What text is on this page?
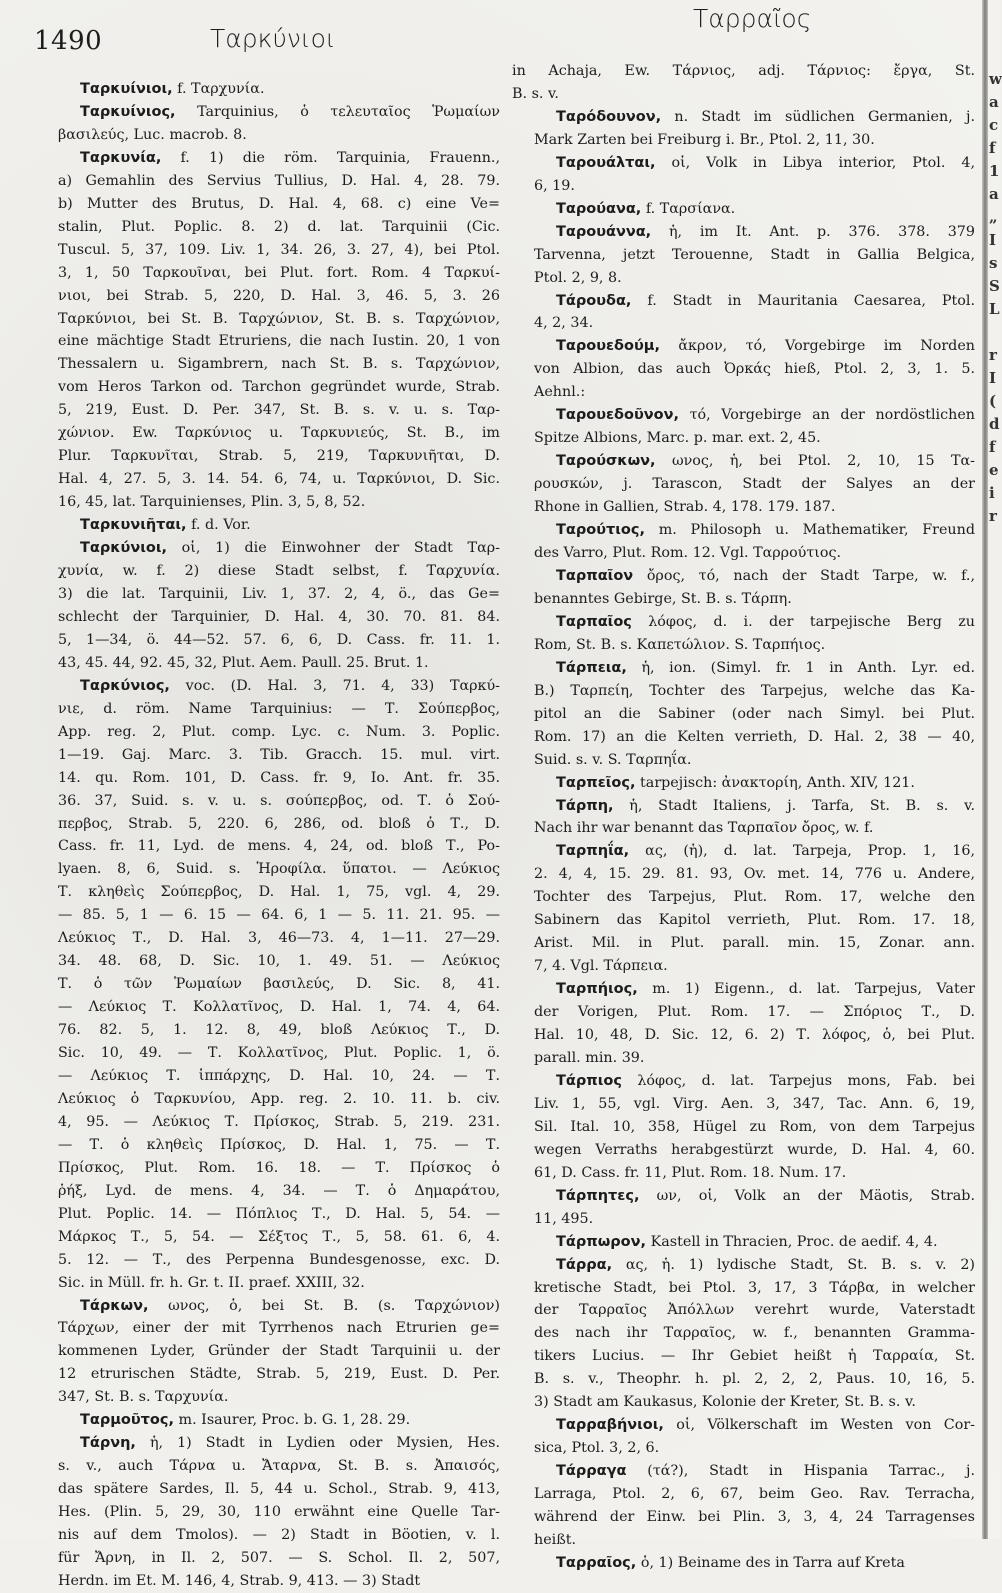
1490	Ταρκύνιοι
Ταρραῖος
Ταρκυίνιοι, f. Ταρχυνία.
Ταρκυίνιος, Tarquinius, ὁ τελευταῖος Ῥωμαίων
βασιλεύς, Luc. macrob. 8.
Ταρκυνία, f. 1) die röm. Tarquinia, Frauenn.,
a) Gemahlin des Servius Tullius, D. Hal. 4, 28. 79.
b) Mutter des Brutus, D. Hal. 4, 68. c) eine Ve=
stalin, Plut. Poplic. 8. 2) d. lat. Tarquinii (Cic.
Tuscul. 5, 37, 109. Liv. 1, 34. 26, 3. 27, 4), bei Ptol.
3, 1, 50 Ταρκουῖναι, bei Plut. fort. Rom. 4 Ταρκυί-
νιοι, bei Strab. 5, 220, D. Hal. 3, 46. 5, 3. 26
Ταρκύνιοι, bei St. B. Ταρχώνιον, St. B. s. Ταρχώνιον,
eine mächtige Stadt Etruriens, die nach Iustin. 20, 1 von
Thessalern u. Sigambrern, nach St. B. s. Ταρχώνιον,
vom Heros Tarkon od. Tarchon gegründet wurde, Strab.
5, 219, Eust. D. Per. 347, St. B. s. v. u. s. Ταρ-
χώνιον. Ew. Ταρκύνιος u. Ταρκυνιεύς, St. B., im
Plur. Ταρκυνῖται, Strab. 5, 219, Ταρκυνιῆται, D.
Hal. 4, 27. 5, 3. 14. 54. 6, 74, u. Ταρκύνιοι, D. Sic.
16, 45, lat. Tarquinienses, Plin. 3, 5, 8, 52.
Ταρκυνιῆται, f. d. Vor.
Ταρκύνιοι, οἱ, 1) die Einwohner der Stadt Ταρ-
χυνία, w. f. 2) diese Stadt selbst, f. Ταρχυνία.
3) die lat. Tarquinii, Liv. 1, 37. 2, 4, ö., das Ge=
schlecht der Tarquinier, D. Hal. 4, 30. 70. 81. 84.
5, 1—34, ö. 44—52. 57. 6, 6, D. Cass. fr. 11. 1.
43, 45. 44, 92. 45, 32, Plut. Aem. Paull. 25. Brut. 1.
Ταρκύνιος, voc. (D. Hal. 3, 71. 4, 33) Ταρκύ-
νιε, d. röm. Name Tarquinius: — Τ. Σούπερβος,
App. reg. 2, Plut. comp. Lyc. c. Num. 3. Poplic.
1—19. Gaj. Marc. 3. Tib. Gracch. 15. mul. virt.
14. qu. Rom. 101, D. Cass. fr. 9, Io. Ant. fr. 35.
36. 37, Suid. s. v. u. s. σούπερβος, od. Τ. ὁ Σού-
περβος, Strab. 5, 220. 6, 286, od. bloß ὁ Τ., D.
Cass. fr. 11, Lyd. de mens. 4, 24, od. bloß Τ., Po-
lyaen. 8, 6, Suid. s. Ἡροφίλα. ὕπατοι. — Λεύκιος
Τ. κληθεὶς Σούπερβος, D. Hal. 1, 75, vgl. 4, 29.
— 85. 5, 1 — 6. 15 — 64. 6, 1 — 5. 11. 21. 95. —
Λεύκιος Τ., D. Hal. 3, 46—73. 4, 1—11. 27—29.
34. 48. 68, D. Sic. 10, 1. 49. 51. — Λεύκιος
Τ. ὁ τῶν Ῥωμαίων βασιλεύς, D. Sic. 8, 41.
— Λεύκιος Τ. Κολλατῖνος, D. Hal. 1, 74. 4, 64.
76. 82. 5, 1. 12. 8, 49, bloß Λεύκιος Τ., D.
Sic. 10, 49. — Τ. Κολλατῖνος, Plut. Poplic. 1, ö.
— Λεύκιος Τ. ἱππάρχης, D. Hal. 10, 24. — Τ.
Λεύκιος ὁ Ταρκυνίου, App. reg. 2. 10. 11. b. civ.
4, 95. — Λεύκιος Τ. Πρίσκος, Strab. 5, 219. 231.
— Τ. ὁ κληθεὶς Πρίσκος, D. Hal. 1, 75. — Τ.
Πρίσκος, Plut. Rom. 16. 18. — Τ. Πρίσκος ὁ
ῥήξ, Lyd. de mens. 4, 34. — Τ. ὁ Δημαράτου,
Plut. Poplic. 14. — Πόπλιος Τ., D. Hal. 5, 54. —
Μάρκος Τ., 5, 54. — Σέξτος Τ., 5, 58. 61. 6, 4.
5. 12. — Τ., des Perpenna Bundesgenosse, exc. D.
Sic. in Müll. fr. h. Gr. t. II. praef. XXIII, 32.
Τάρκων, ωνος, ὁ, bei St. B. (s. Ταρχώνιον)
Τάρχων, einer der mit Tyrrhenos nach Etrurien ge=
kommenen Lyder, Gründer der Stadt Tarquinii u. der
12 etrurischen Städte, Strab. 5, 219, Eust. D. Per.
347, St. B. s. Ταρχυνία.
Ταρμοῦτος, m. Isaurer, Proc. b. G. 1, 28. 29.
Τάρνη, ἡ, 1) Stadt in Lydien oder Mysien, Hes.
s. v., auch Τάρνα u. Ἄταρνα, St. B. s. Ἀπαισός,
das spätere Sardes, Il. 5, 44 u. Schol., Strab. 9, 413,
Hes. (Plin. 5, 29, 30, 110 erwähnt eine Quelle Tar-
nis auf dem Tmolos). — 2) Stadt in Böotien, v. l.
für Ἄρνη, in Il. 2, 507. — S. Schol. Il. 2, 507,
Herdn. im Et. M. 146, 4, Strab. 9, 413. — 3) Stadt
in Achaja, Ew. Τάρνιος, adj. Τάρνιος: ἔργα, St.
B. s. v.
Ταρόδουνον, n. Stadt im südlichen Germanien, j.
Mark Zarten bei Freiburg i. Br., Ptol. 2, 11, 30.
Ταρουάλται, οἱ, Volk in Libya interior, Ptol. 4,
6, 19.
Ταρούανα, f. Ταρσίανα.
Ταρουάννα, ἡ, im It. Ant. p. 376. 378. 379
Tarvenna, jetzt Terouenne, Stadt in Gallia Belgica,
Ptol. 2, 9, 8.
Τάρουδα, f. Stadt in Mauritania Caesarea, Ptol.
4, 2, 34.
Ταρουεδούμ, ἄκρον, τό, Vorgebirge im Norden
von Albion, das auch Ὀρκάς hieß, Ptol. 2, 3, 1. 5.
Aehnl.:
Ταρουεδοῦνον, τό, Vorgebirge an der nordöstlichen
Spitze Albions, Marc. p. mar. ext. 2, 45.
Ταρούσκων, ωνος, ἡ, bei Ptol. 2, 10, 15 Τα-
ρουσκών, j. Tarascon, Stadt der Salyes an der
Rhone in Gallien, Strab. 4, 178. 179. 187.
Ταρούτιος, m. Philosoph u. Mathematiker, Freund
des Varro, Plut. Rom. 12. Vgl. Ταρρούτιος.
Ταρπαῖον ὄρος, τό, nach der Stadt Tarpe, w. f.,
benanntes Gebirge, St. B. s. Τάρπη.
Ταρπαῖος λόφος, d. i. der tarpejische Berg zu
Rom, St. B. s. Καπετώλιον. S. Ταρπήιος.
Τάρπεια, ἡ, ion. (Simyl. fr. 1 in Anth. Lyr. ed.
B.) Ταρπείη, Tochter des Tarpejus, welche das Ka-
pitol an die Sabiner (oder nach Simyl. bei Plut.
Rom. 17) an die Kelten verrieth, D. Hal. 2, 38 — 40,
Suid. s. v. S. Ταρπηΐα.
Ταρπεῖος, tarpejisch: ἀνακτορίη, Anth. XIV, 121.
Τάρπη, ἡ, Stadt Italiens, j. Tarfa, St. B. s. v.
Nach ihr war benannt das Ταρπαῖον ὄρος, w. f.
Ταρπηΐα, ας, (ἡ), d. lat. Tarpeja, Prop. 1, 16,
2. 4, 4, 15. 29. 81. 93, Ov. met. 14, 776 u. Andere,
Tochter des Tarpejus, Plut. Rom. 17, welche den
Sabinern das Kapitol verrieth, Plut. Rom. 17. 18,
Arist. Mil. in Plut. parall. min. 15, Zonar. ann.
7, 4. Vgl. Τάρπεια.
Ταρπήιος, m. 1) Eigenn., d. lat. Tarpejus, Vater
der Vorigen, Plut. Rom. 17. — Σπόριος Τ., D.
Hal. 10, 48, D. Sic. 12, 6. 2) Τ. λόφος, ὁ, bei Plut.
parall. min. 39.
Τάρπιος λόφος, d. lat. Tarpejus mons, Fab. bei
Liv. 1, 55, vgl. Virg. Aen. 3, 347, Tac. Ann. 6, 19,
Sil. Ital. 10, 358, Hügel zu Rom, von dem Tarpejus
wegen Verraths herabgestürzt wurde, D. Hal. 4, 60.
61, D. Cass. fr. 11, Plut. Rom. 18. Num. 17.
Τάρπητες, ων, οἱ, Volk an der Mäotis, Strab.
11, 495.
Τάρπωρον, Kastell in Thracien, Proc. de aedif. 4, 4.
Τάρρα, ας, ἡ. 1) lydische Stadt, St. B. s. v. 2)
kretische Stadt, bei Ptol. 3, 17, 3 Τάρβα, in welcher
der Ταρραῖος Ἀπόλλων verehrt wurde, Vaterstadt
des nach ihr Ταρραῖος, w. f., benannten Gramma-
tikers Lucius. — Ihr Gebiet heißt ἡ Ταρραία, St.
B. s. v., Theophr. h. pl. 2, 2, 2, Paus. 10, 16, 5.
3) Stadt am Kaukasus, Kolonie der Kreter, St. B. s. v.
Ταρραβήνιοι, οἱ, Völkerschaft im Westen von Cor-
sica, Ptol. 3, 2, 6.
Τάρραγα (τά?), Stadt in Hispania Tarrac., j.
Larraga, Ptol. 2, 6, 67, beim Geo. Rav. Terracha,
während der Einw. bei Plin. 3, 3, 4, 24 Tarragenses
heißt.
Ταρραῖος, ὁ, 1) Beiname des in Tarra auf Kreta
w
a
c
f
1
a
„
I
s
S
L

r
I
(
d
f
e
i
r
